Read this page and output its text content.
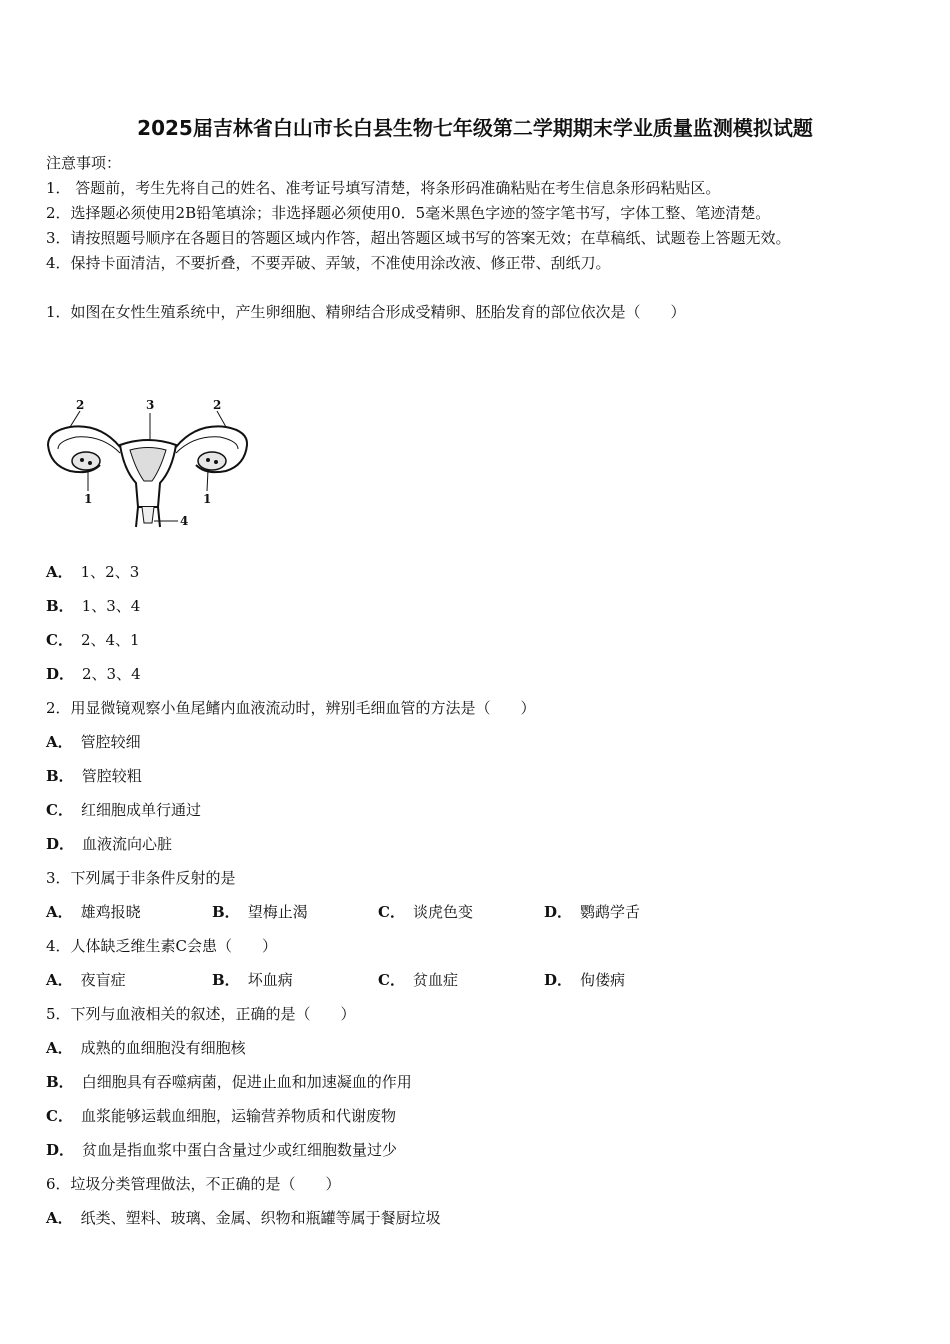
2025届吉林省白山市长白县生物七年级第二学期期末学业质量监测模拟试题
注意事项：
1． 答题前，考生先将自己的姓名、准考证号填写清楚，将条形码准确粘贴在考生信息条形码粘贴区。
2．选择题必须使用2B铅笔填涂；非选择题必须使用0．5毫米黑色字迹的签字笔书写，字体工整、笔迹清楚。
3．请按照题号顺序在各题目的答题区域内作答，超出答题区域书写的答案无效；在草稿纸、试题卷上答题无效。
4．保持卡面清洁，不要折叠，不要弄破、弄皱，不准使用涂改液、修正带、刮纸刀。
1．如图在女性生殖系统中，产生卵细胞、精卵结合形成受精卵、胚胎发育的部位依次是（　　）
3
2	2
1	1
4
A． 1、2、3
B． 1、3、4
C． 2、4、1
D． 2、3、4
2．用显微镜观察小鱼尾鳍内血液流动时，辨别毛细血管的方法是（　　）
A． 管腔较细
B． 管腔较粗
C． 红细胞成单行通过
D． 血液流向心脏
3．下列属于非条件反射的是
A． 雄鸡报晓	B． 望梅止渴	C． 谈虎色变	D． 鹦鹉学舌
4．人体缺乏维生素C会患（　　）
A． 夜盲症	B． 坏血病	C． 贫血症	D． 佝偻病
5．下列与血液相关的叙述，正确的是（　　）
A． 成熟的血细胞没有细胞核
B． 白细胞具有吞噬病菌，促进止血和加速凝血的作用
C． 血浆能够运载血细胞，运输营养物质和代谢废物
D． 贫血是指血浆中蛋白含量过少或红细胞数量过少
6．垃圾分类管理做法，不正确的是（　　）
A． 纸类、塑料、玻璃、金属、织物和瓶罐等属于餐厨垃圾
